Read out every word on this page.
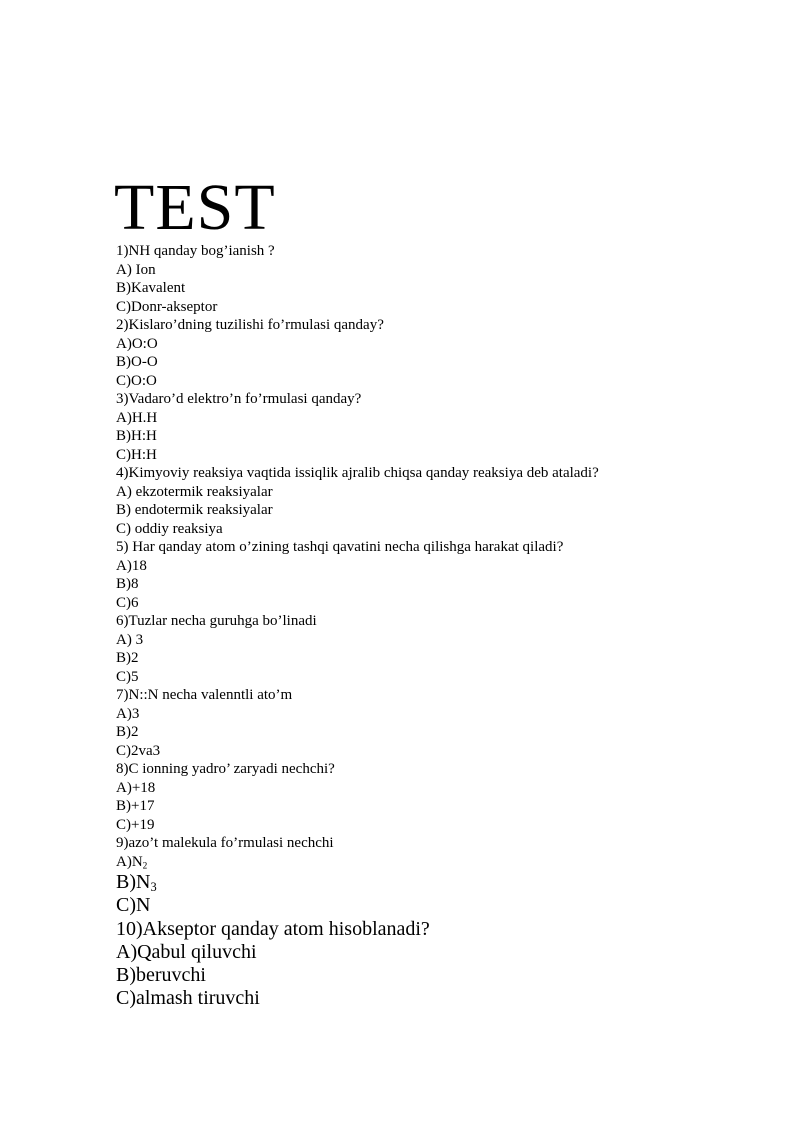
TEST
1)NH qanday bog’ianish ?
A) Ion
B)Kavalent
C)Donr-akseptor
2)Kislaro’dning tuzilishi fo’rmulasi qanday?
A)O:O
B)O-O
C)O:O
3)Vadaro’d elektro’n fo’rmulasi qanday?
A)H.H
B)H:H
C)H:H
4)Kimyoviy reaksiya vaqtida issiqlik ajralib chiqsa qanday reaksiya deb ataladi?
A) ekzotermik reaksiyalar
B) endotermik reaksiyalar
C) oddiy reaksiya
5) Har qanday atom o’zining tashqi qavatini necha qilishga harakat qiladi?
A)18
B)8
C)6
6)Tuzlar necha guruhga bo’linadi
A) 3
B)2
C)5
7)N::N necha valenntli ato’m
A)3
B)2
C)2va3
8)C ionning yadro’ zaryadi nechchi?
A)+18
B)+17
C)+19
9)azo’t malekula fo’rmulasi nechchi
$A)N_2$
$B)N_3$
C)N
10)Akseptor qanday atom hisoblanadi?
A)Qabul qiluvchi
B)beruvchi
C)almash tiruvchi
